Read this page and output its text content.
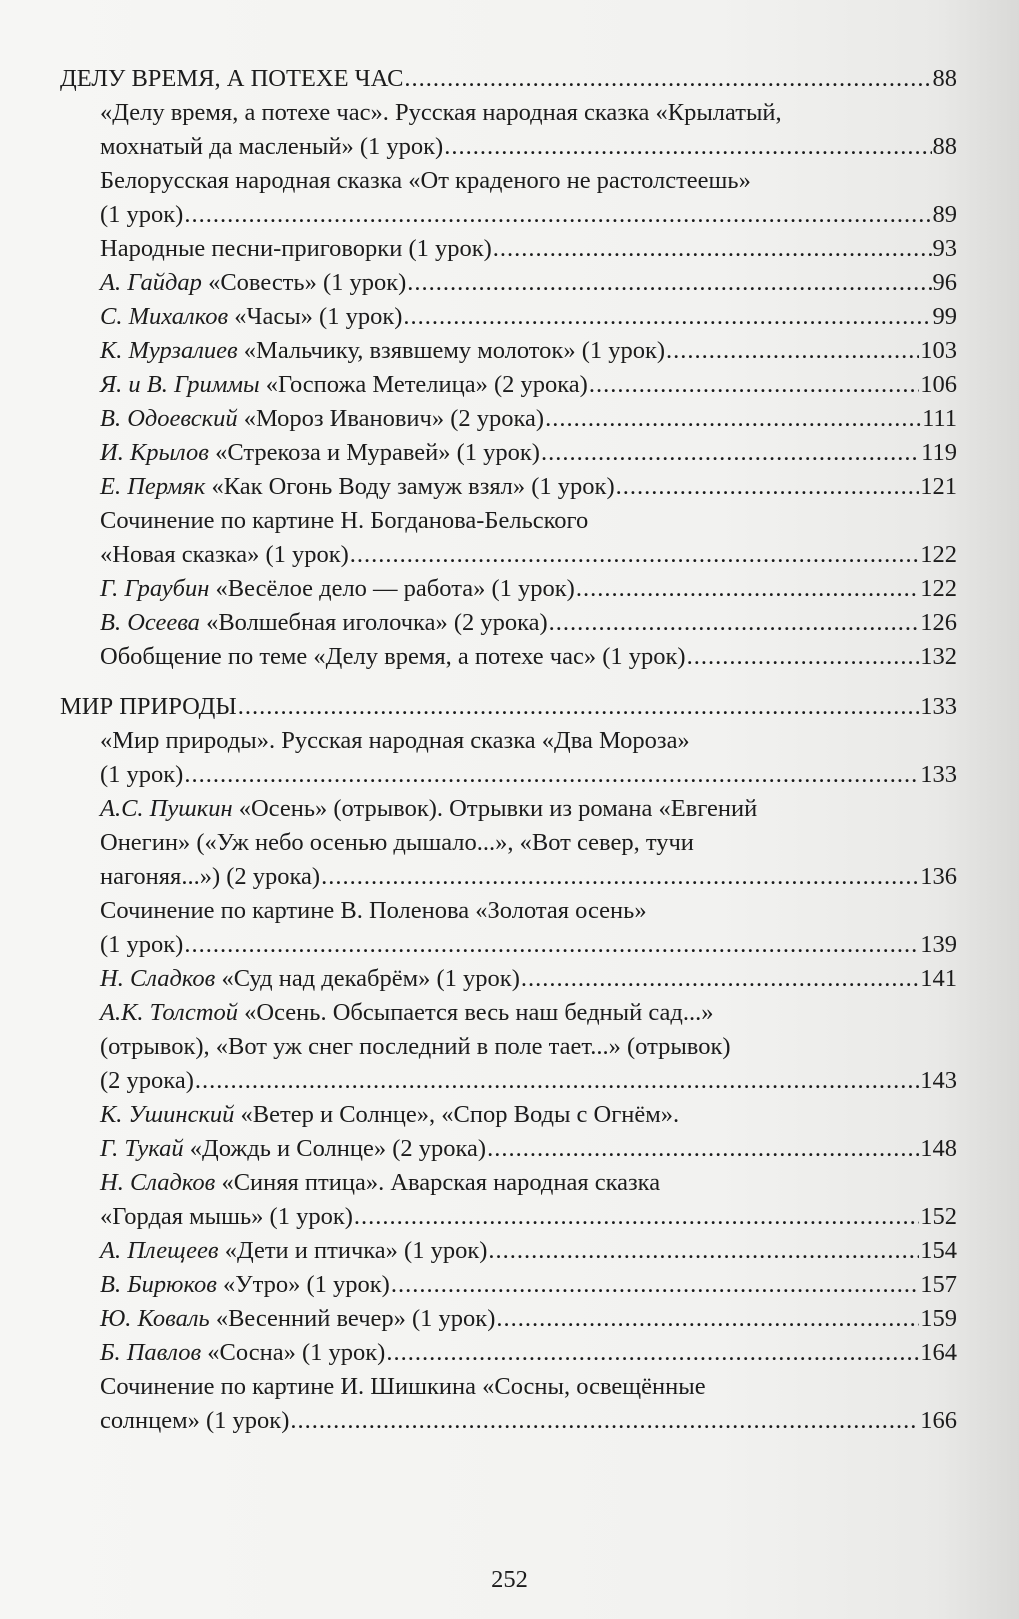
ДЕЛУ ВРЕМЯ, А ПОТЕХЕ ЧАС .....	88
«Делу время, а потехе час». Русская народная сказка «Крылатый,
мохнатый да масленый» (1 урок) .....	88
Белорусская народная сказка «От краденого не растолстеешь»
(1 урок) .....	89
Народные песни-приговорки (1 урок) .....	93
А. Гайдар «Совесть» (1 урок) .....	96
С. Михалков «Часы» (1 урок) .....	99
К. Мурзалиев «Мальчику, взявшему молоток» (1 урок) .....	103
Я. и В. Гриммы «Госпожа Метелица» (2 урока) .....	106
В. Одоевский «Мороз Иванович» (2 урока) .....	111
И. Крылов «Стрекоза и Муравей» (1 урок) .....	119
Е. Пермяк «Как Огонь Воду замуж взял» (1 урок) .....	121
Сочинение по картине Н. Богданова-Бельского
«Новая сказка» (1 урок) .....	122
Г. Граубин «Весёлое дело — работа» (1 урок) .....	122
В. Осеева «Волшебная иголочка» (2 урока) .....	126
Обобщение по теме «Делу время, а потехе час» (1 урок) .....	132
МИР ПРИРОДЫ .....	133
«Мир природы». Русская народная сказка «Два Мороза»
(1 урок) .....	133
А.С. Пушкин «Осень» (отрывок). Отрывки из романа «Евгений
Онегин» («Уж небо осенью дышало...», «Вот север, тучи
нагоняя...») (2 урока) .....	136
Сочинение по картине В. Поленова «Золотая осень»
(1 урок) .....	139
Н. Сладков «Суд над декабрём» (1 урок) .....	141
А.К. Толстой «Осень. Обсыпается весь наш бедный сад...»
(отрывок), «Вот уж снег последний в поле тает...» (отрывок)
(2 урока) .....	143
К. Ушинский «Ветер и Солнце», «Спор Воды с Огнём».
Г. Тукай «Дождь и Солнце» (2 урока) .....	148
Н. Сладков «Синяя птица». Аварская народная сказка
«Гордая мышь» (1 урок) .....	152
А. Плещеев «Дети и птичка» (1 урок) .....	154
В. Бирюков «Утро» (1 урок) .....	157
Ю. Коваль «Весенний вечер» (1 урок) .....	159
Б. Павлов «Сосна» (1 урок) .....	164
Сочинение по картине И. Шишкина «Сосны, освещённые
солнцем» (1 урок) .....	166
252
